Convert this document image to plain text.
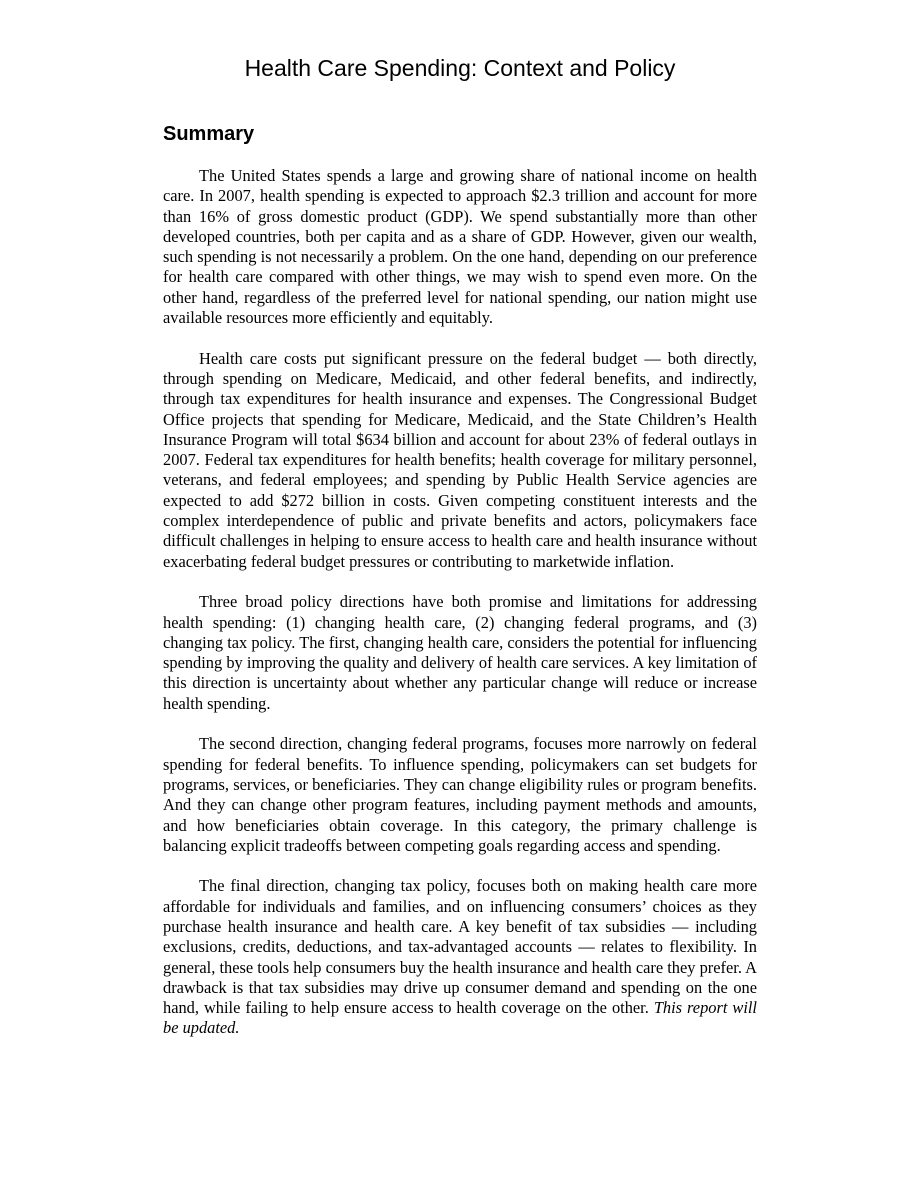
Health Care Spending: Context and Policy
Summary

The United States spends a large and growing share of national income on health care. In 2007, health spending is expected to approach $2.3 trillion and account for more than 16% of gross domestic product (GDP). We spend substantially more than other developed countries, both per capita and as a share of GDP. However, given our wealth, such spending is not necessarily a problem. On the one hand, depending on our preference for health care compared with other things, we may wish to spend even more. On the other hand, regardless of the preferred level for national spending, our nation might use available resources more efficiently and equitably.

Health care costs put significant pressure on the federal budget — both directly, through spending on Medicare, Medicaid, and other federal benefits, and indirectly, through tax expenditures for health insurance and expenses. The Congressional Budget Office projects that spending for Medicare, Medicaid, and the State Children’s Health Insurance Program will total $634 billion and account for about 23% of federal outlays in 2007. Federal tax expenditures for health benefits; health coverage for military personnel, veterans, and federal employees; and spending by Public Health Service agencies are expected to add $272 billion in costs. Given competing constituent interests and the complex interdependence of public and private benefits and actors, policymakers face difficult challenges in helping to ensure access to health care and health insurance without exacerbating federal budget pressures or contributing to marketwide inflation.

Three broad policy directions have both promise and limitations for addressing health spending: (1) changing health care, (2) changing federal programs, and (3) changing tax policy. The first, changing health care, considers the potential for influencing spending by improving the quality and delivery of health care services. A key limitation of this direction is uncertainty about whether any particular change will reduce or increase health spending.

The second direction, changing federal programs, focuses more narrowly on federal spending for federal benefits. To influence spending, policymakers can set budgets for programs, services, or beneficiaries. They can change eligibility rules or program benefits. And they can change other program features, including payment methods and amounts, and how beneficiaries obtain coverage. In this category, the primary challenge is balancing explicit tradeoffs between competing goals regarding access and spending.

The final direction, changing tax policy, focuses both on making health care more affordable for individuals and families, and on influencing consumers’ choices as they purchase health insurance and health care. A key benefit of tax subsidies — including exclusions, credits, deductions, and tax-advantaged accounts — relates to flexibility. In general, these tools help consumers buy the health insurance and health care they prefer. A drawback is that tax subsidies may drive up consumer demand and spending on the one hand, while failing to help ensure access to health coverage on the other. This report will be updated.
